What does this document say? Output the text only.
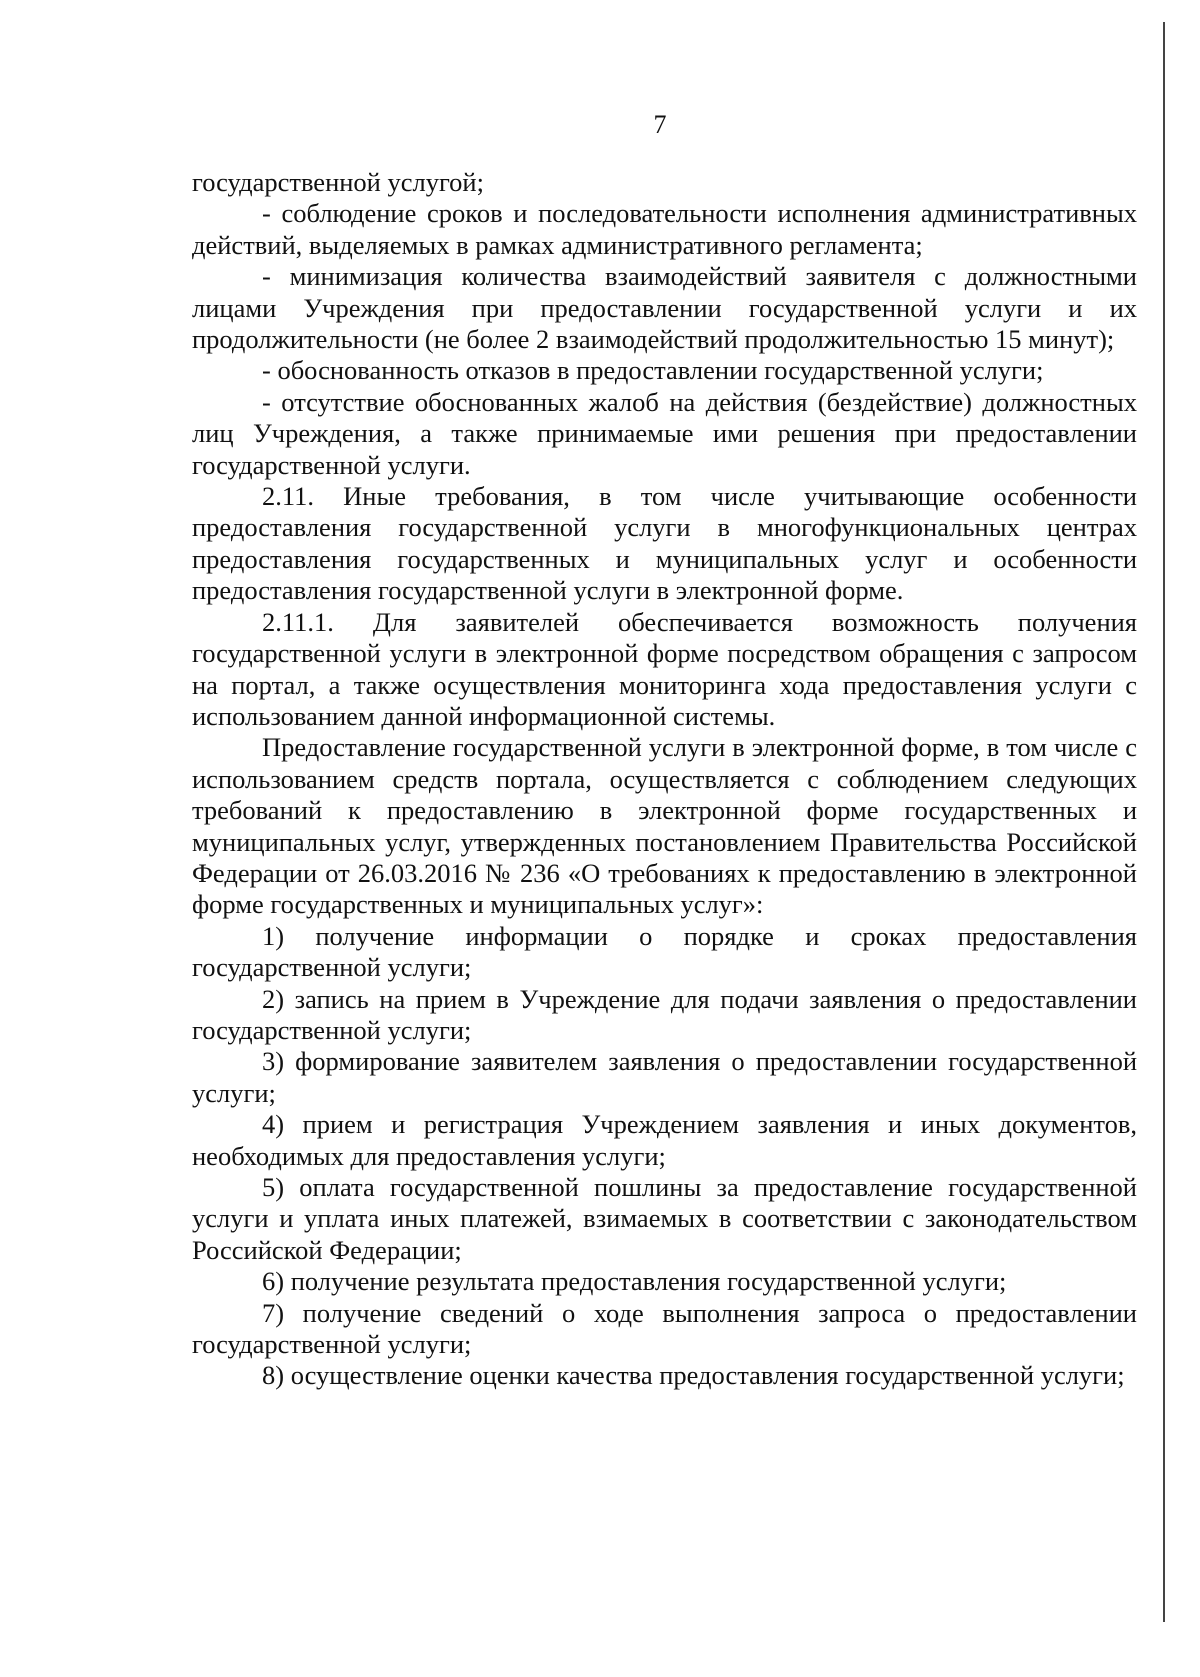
7

государственной услугой;

- соблюдение сроков и последовательности исполнения административных действий, выделяемых в рамках административного регламента;

- минимизация количества взаимодействий заявителя с должностными лицами Учреждения при предоставлении государственной услуги и их продолжительности (не более 2 взаимодействий продолжительностью 15 минут);

- обоснованность отказов в предоставлении государственной услуги;

- отсутствие обоснованных жалоб на действия (бездействие) должностных лиц Учреждения, а также принимаемые ими решения при предоставлении государственной услуги.

2.11. Иные требования, в том числе учитывающие особенности предоставления государственной услуги в многофункциональных центрах предоставления государственных и муниципальных услуг и особенности предоставления государственной услуги в электронной форме.

2.11.1. Для заявителей обеспечивается возможность получения государственной услуги в электронной форме посредством обращения с запросом на портал, а также осуществления мониторинга хода предоставления услуги с использованием данной информационной системы.

Предоставление государственной услуги в электронной форме, в том числе с использованием средств портала, осуществляется с соблюдением следующих требований к предоставлению в электронной форме государственных и муниципальных услуг, утвержденных постановлением Правительства Российской Федерации от 26.03.2016 № 236 «О требованиях к предоставлению в электронной форме государственных и муниципальных услуг»:

1) получение информации о порядке и сроках предоставления государственной услуги;

2) запись на прием в Учреждение для подачи заявления о предоставлении государственной услуги;

3) формирование заявителем заявления о предоставлении государственной услуги;

4) прием и регистрация Учреждением заявления и иных документов, необходимых для предоставления услуги;

5) оплата государственной пошлины за предоставление государственной услуги и уплата иных платежей, взимаемых в соответствии с законодательством Российской Федерации;

6) получение результата предоставления государственной услуги;

7) получение сведений о ходе выполнения запроса о предоставлении государственной услуги;

8) осуществление оценки качества предоставления государственной услуги;
